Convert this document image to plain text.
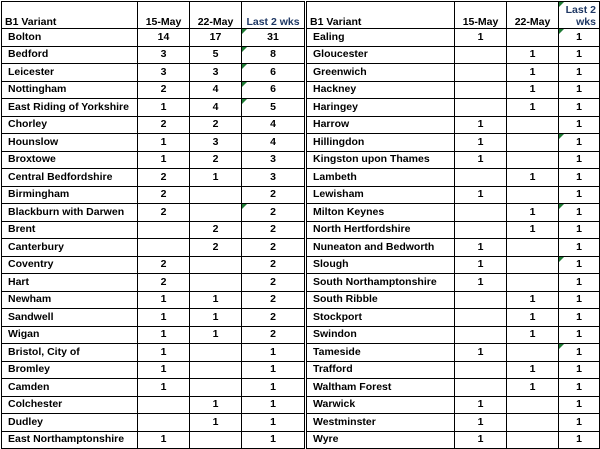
B1 Variant	15-May	22-May	Last 2 wks
Bolton	14	17	31
Bedford	3	5	8
Leicester	3	3	6
Nottingham	2	4	6
East Riding of Yorkshire	1	4	5
Chorley	2	2	4
Hounslow	1	3	4
Broxtowe	1	2	3
Central Bedfordshire	2	1	3
Birmingham	2		2
Blackburn with Darwen	2		2
Brent		2	2
Canterbury		2	2
Coventry	2		2
Hart	2		2
Newham	1	1	2
Sandwell	1	1	2
Wigan	1	1	2
Bristol, City of	1		1
Bromley	1		1
Camden	1		1
Colchester		1	1
Dudley		1	1
East Northamptonshire	1		1
B1 Variant	15-May	22-May	Last 2 wks
Ealing	1		1
Gloucester		1	1
Greenwich		1	1
Hackney		1	1
Haringey		1	1
Harrow	1		1
Hillingdon	1		1
Kingston upon Thames	1		1
Lambeth		1	1
Lewisham	1		1
Milton Keynes		1	1
North Hertfordshire		1	1
Nuneaton and Bedworth	1		1
Slough	1		1
South Northamptonshire	1		1
South Ribble		1	1
Stockport		1	1
Swindon		1	1
Tameside	1		1
Trafford		1	1
Waltham Forest		1	1
Warwick	1		1
Westminster	1		1
Wyre	1		1
